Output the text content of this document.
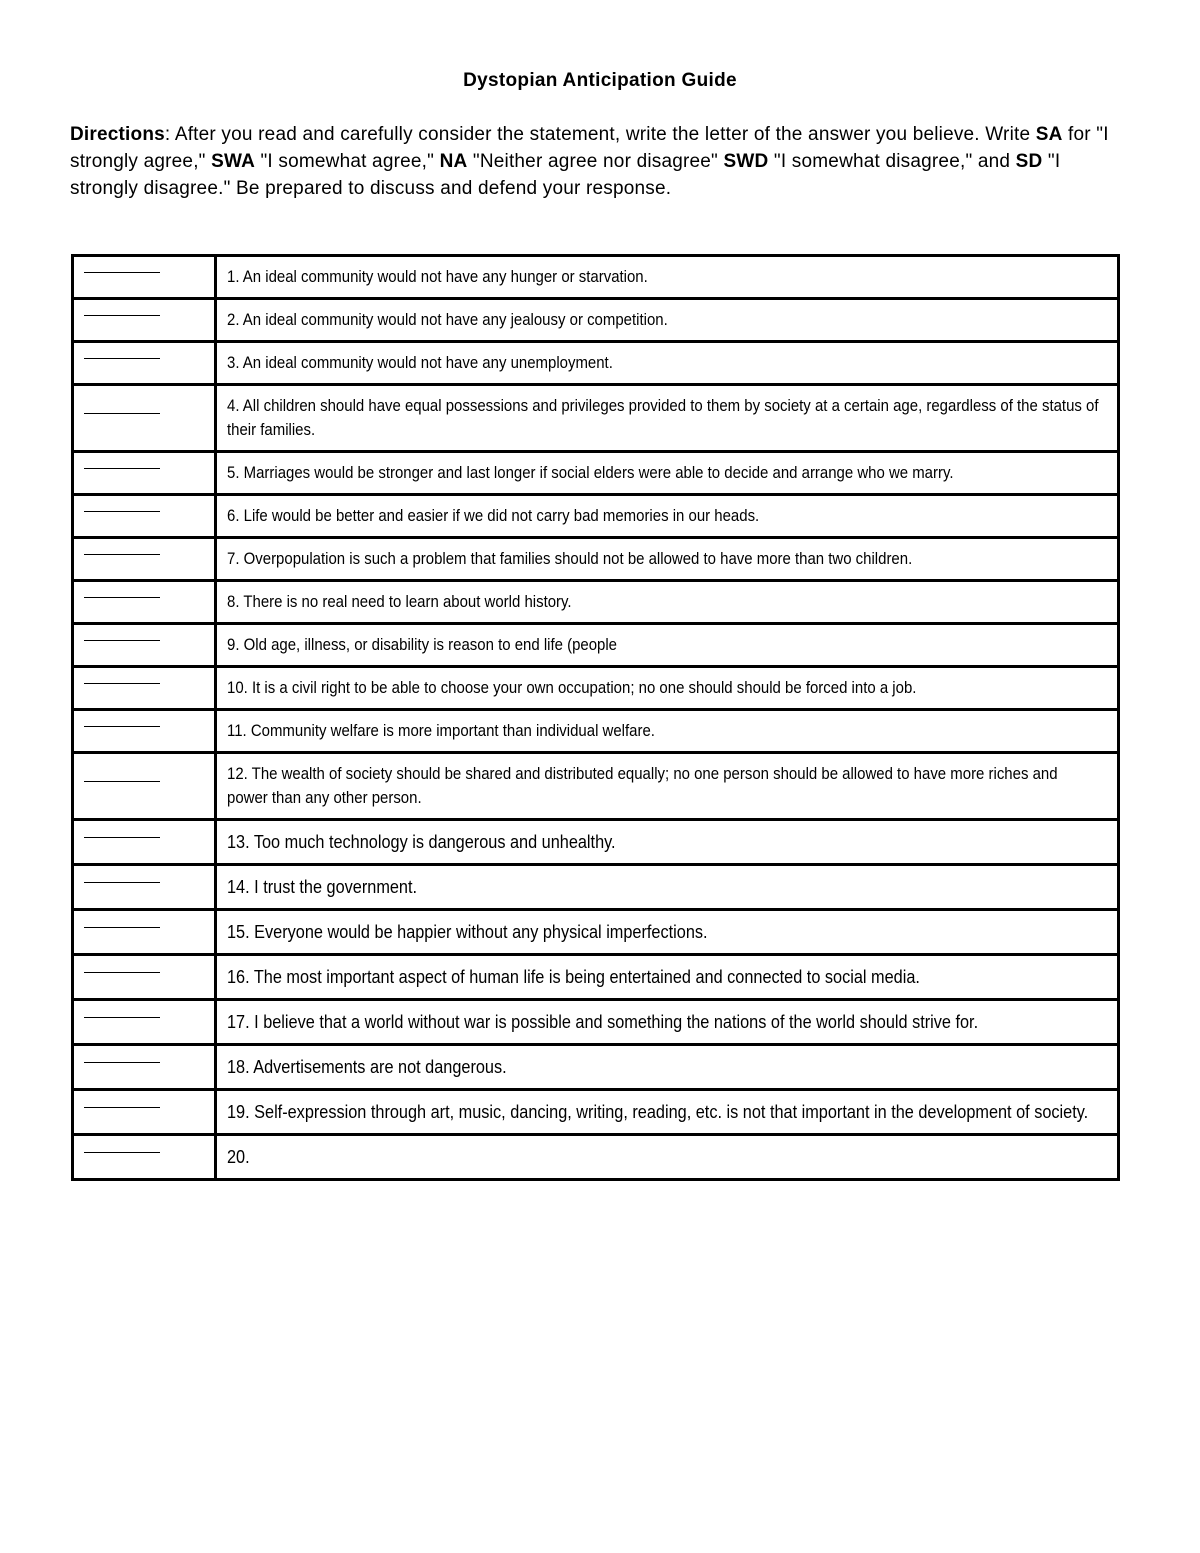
Dystopian Anticipation Guide
Directions: After you read and carefully consider the statement, write the letter of the answer you believe. Write SA for "I strongly agree," SWA "I somewhat agree," NA "Neither agree nor disagree" SWD "I somewhat disagree," and SD "I strongly disagree." Be prepared to discuss and defend your response.
	1. An ideal community would not have any hunger or starvation.

	2. An ideal community would not have any jealousy or competition.

	3. An ideal community would not have any unemployment.

	4. All children should have equal possessions and privileges provided to them by society at a certain age, regardless of the status of their families.

	5. Marriages would be stronger and last longer if social elders were able to decide and arrange who we marry.

	6. Life would be better and easier if we did not carry bad memories in our heads.

	7. Overpopulation is such a problem that families should not be allowed to have more than two children.

	8. There is no real need to learn about world history.

	9. Old age, illness, or disability is reason to end life (people

	10. It is a civil right to be able to choose your own occupation; no one should should be forced into a job.

	11. Community welfare is more important than individual welfare.

	12. The wealth of society should be shared and distributed equally; no one person should be allowed to have more riches and power than any other person.

	13. Too much technology is dangerous and unhealthy.

	14. I trust the government.

	15. Everyone would be happier without any physical imperfections.

	16. The most important aspect of human life is being entertained and connected to social media.

	17. I believe that a world without war is possible and something the nations of the world should strive for.

	18. Advertisements are not dangerous.

	19. Self-expression through art, music, dancing, writing, reading, etc. is not that important in the development of society.

	20.
